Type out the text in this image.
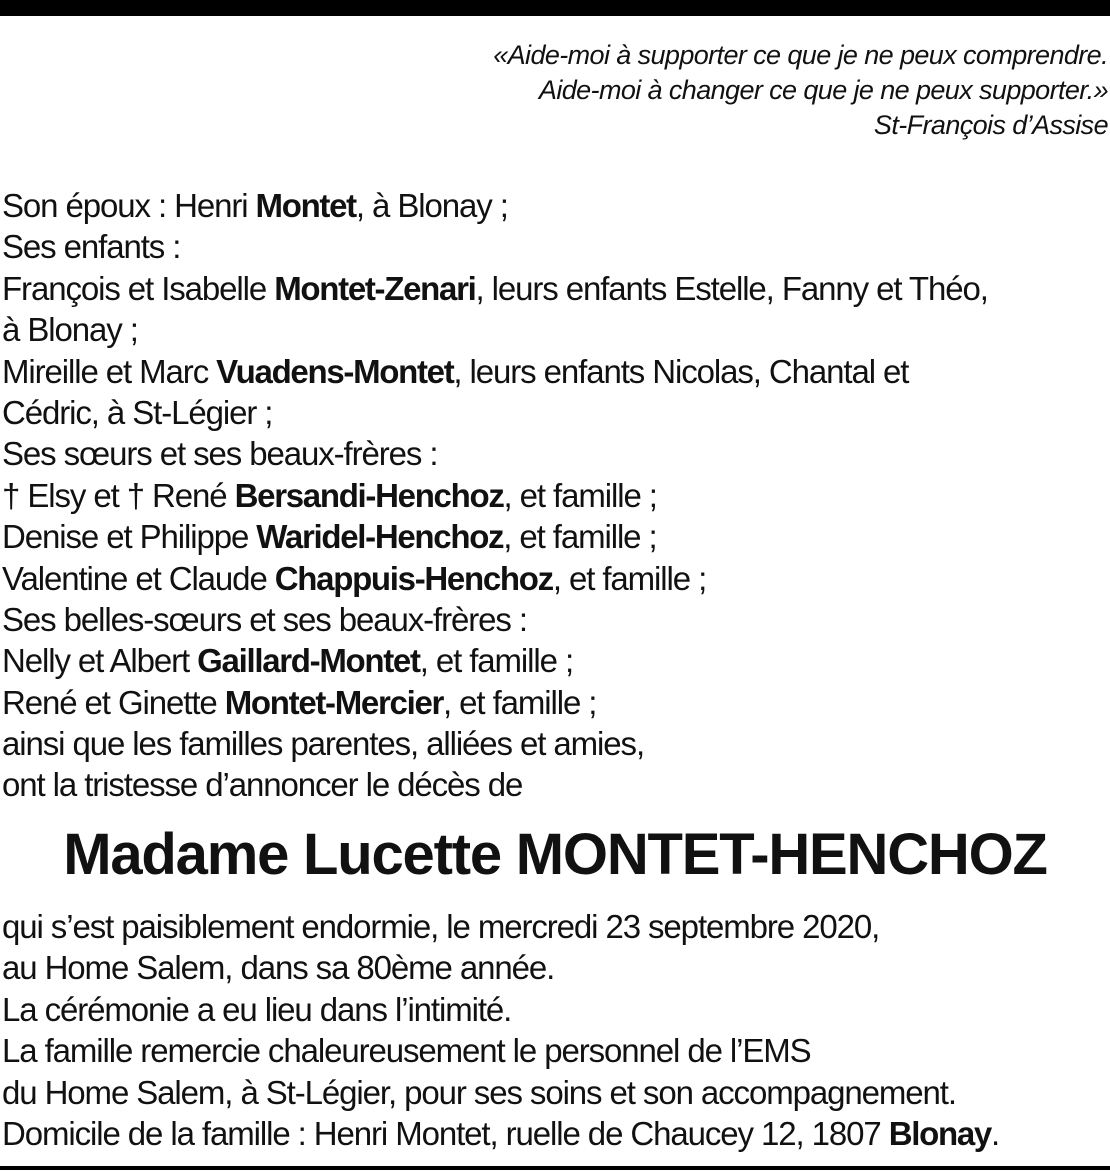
«Aide-moi à supporter ce que je ne peux comprendre.
Aide-moi à changer ce que je ne peux supporter.»
St-François d’Assise
Son époux : Henri Montet, à Blonay ;
Ses enfants :
François et Isabelle Montet-Zenari, leurs enfants Estelle, Fanny et Théo,
à Blonay ;
Mireille et Marc Vuadens-Montet, leurs enfants Nicolas, Chantal et
Cédric, à St-Légier ;
Ses sœurs et ses beaux-frères :
† Elsy et † René Bersandi-Henchoz, et famille ;
Denise et Philippe Waridel-Henchoz, et famille ;
Valentine et Claude Chappuis-Henchoz, et famille ;
Ses belles-sœurs et ses beaux-frères :
Nelly et Albert Gaillard-Montet, et famille ;
René et Ginette Montet-Mercier, et famille ;
ainsi que les familles parentes, alliées et amies,
ont la tristesse d’annoncer le décès de
Madame Lucette MONTET-HENCHOZ
qui s’est paisiblement endormie, le mercredi 23 septembre 2020,
au Home Salem, dans sa 80ème année.
La cérémonie a eu lieu dans l’intimité.
La famille remercie chaleureusement le personnel de l’EMS
du Home Salem, à St-Légier, pour ses soins et son accompagnement.
Domicile de la famille : Henri Montet, ruelle de Chaucey 12, 1807 Blonay.
